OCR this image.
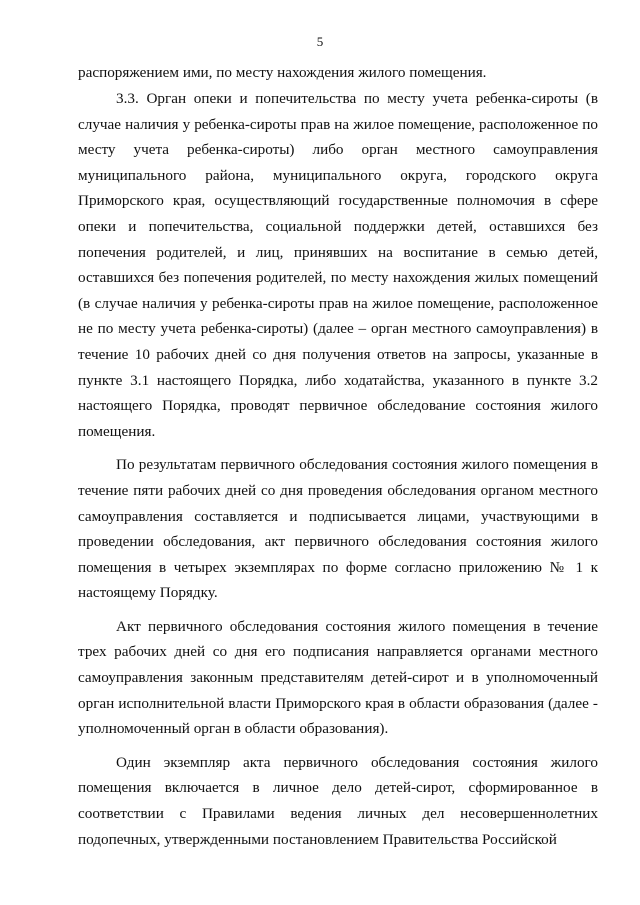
5
распоряжением ими, по месту нахождения жилого помещения.

3.3. Орган опеки и попечительства по месту учета ребенка-сироты (в случае наличия у ребенка-сироты прав на жилое помещение, расположенное по месту учета ребенка-сироты) либо орган местного самоуправления муниципального района, муниципального округа, городского округа Приморского края, осуществляющий государственные полномочия в сфере опеки и попечительства, социальной поддержки детей, оставшихся без попечения родителей, и лиц, принявших на воспитание в семью детей, оставшихся без попечения родителей, по месту нахождения жилых помещений (в случае наличия у ребенка-сироты прав на жилое помещение, расположенное не по месту учета ребенка-сироты) (далее – орган местного самоуправления) в течение 10 рабочих дней со дня получения ответов на запросы, указанные в пункте 3.1 настоящего Порядка, либо ходатайства, указанного в пункте 3.2 настоящего Порядка, проводят первичное обследование состояния жилого помещения.

По результатам первичного обследования состояния жилого помещения в течение пяти рабочих дней со дня проведения обследования органом местного самоуправления составляется и подписывается лицами, участвующими в проведении обследования, акт первичного обследования состояния жилого помещения в четырех экземплярах по форме согласно приложению № 1 к настоящему Порядку.

Акт первичного обследования состояния жилого помещения в течение трех рабочих дней со дня его подписания направляется органами местного самоуправления законным представителям детей-сирот и в уполномоченный орган исполнительной власти Приморского края в области образования (далее - уполномоченный орган в области образования).

Один экземпляр акта первичного обследования состояния жилого помещения включается в личное дело детей-сирот, сформированное в соответствии с Правилами ведения личных дел несовершеннолетних подопечных, утвержденными постановлением Правительства Российской
